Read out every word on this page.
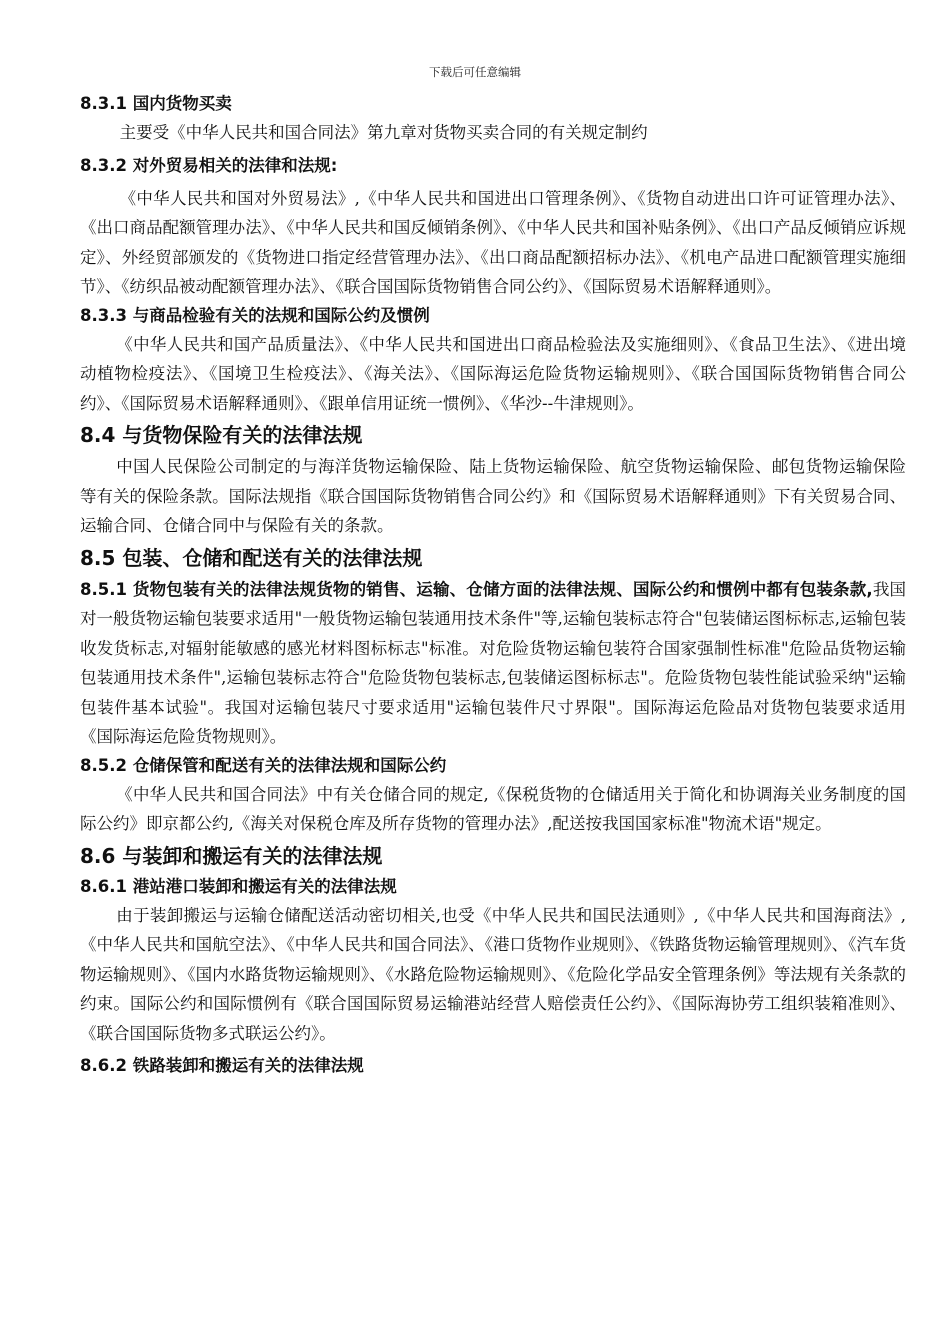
下载后可任意编辑
8.3.1 国内货物买卖
主要受《中华人民共和国合同法》第九章对货物买卖合同的有关规定制约
8.3.2 对外贸易相关的法律和法规:
《中华人民共和国对外贸易法》,《中华人民共和国进出口管理条例》、《货物自动进出口许可证管理办法》、《出口商品配额管理办法》、《中华人民共和国反倾销条例》、《中华人民共和国补贴条例》、《出口产品反倾销应诉规定》、外经贸部颁发的《货物进口指定经营管理办法》、《出口商品配额招标办法》、《机电产品进口配额管理实施细节》、《纺织品被动配额管理办法》、《联合国国际货物销售合同公约》、《国际贸易术语解释通则》。
8.3.3 与商品检验有关的法规和国际公约及惯例
《中华人民共和国产品质量法》、《中华人民共和国进出口商品检验法及实施细则》、《食品卫生法》、《进出境动植物检疫法》、《国境卫生检疫法》、《海关法》、《国际海运危险货物运输规则》、《联合国国际货物销售合同公约》、《国际贸易术语解释通则》、《跟单信用证统一惯例》、《华沙--牛津规则》。
8.4 与货物保险有关的法律法规
中国人民保险公司制定的与海洋货物运输保险、陆上货物运输保险、航空货物运输保险、邮包货物运输保险等有关的保险条款。国际法规指《联合国国际货物销售合同公约》和《国际贸易术语解释通则》下有关贸易合同、运输合同、仓储合同中与保险有关的条款。
8.5 包装、仓储和配送有关的法律法规
8.5.1 货物包装有关的法律法规货物的销售、运输、仓储方面的法律法规、国际公约和惯例中都有包装条款,我国对一般货物运输包装要求适用"一般货物运输包装通用技术条件"等,运输包装标志符合"包装储运图标标志,运输包装收发货标志,对辐射能敏感的感光材料图标标志"标准。对危险货物运输包装符合国家强制性标准"危险品货物运输包装通用技术条件",运输包装标志符合"危险货物包装标志,包装储运图标标志"。危险货物包装性能试验采纳"运输包装件基本试验"。我国对运输包装尺寸要求适用"运输包装件尺寸界限"。国际海运危险品对货物包装要求适用《国际海运危险货物规则》。
8.5.2 仓储保管和配送有关的法律法规和国际公约
《中华人民共和国合同法》中有关仓储合同的规定,《保税货物的仓储适用关于简化和协调海关业务制度的国际公约》即京都公约,《海关对保税仓库及所存货物的管理办法》,配送按我国国家标准"物流术语"规定。
8.6 与装卸和搬运有关的法律法规
8.6.1 港站港口装卸和搬运有关的法律法规
由于装卸搬运与运输仓储配送活动密切相关,也受《中华人民共和国民法通则》,《中华人民共和国海商法》,《中华人民共和国航空法》、《中华人民共和国合同法》、《港口货物作业规则》、《铁路货物运输管理规则》、《汽车货物运输规则》、《国内水路货物运输规则》、《水路危险物运输规则》、《危险化学品安全管理条例》等法规有关条款的约束。国际公约和国际惯例有《联合国国际贸易运输港站经营人赔偿责任公约》、《国际海协劳工组织装箱准则》、《联合国国际货物多式联运公约》。
8.6.2 铁路装卸和搬运有关的法律法规
